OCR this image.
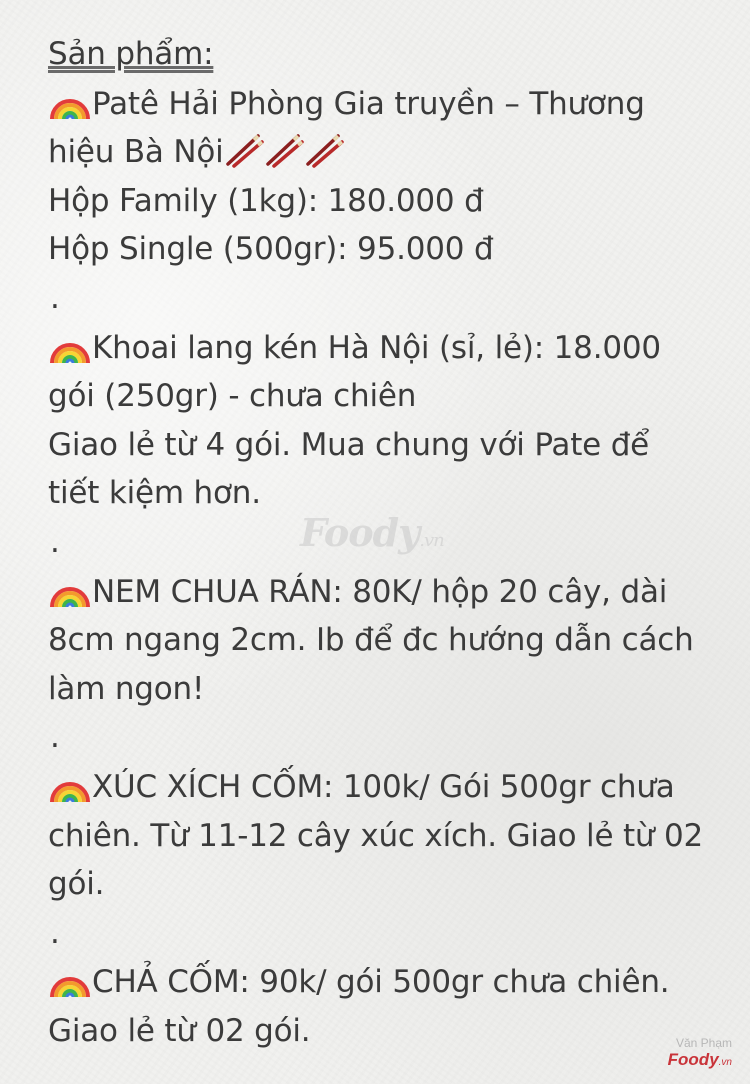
Sản phẩm:
Patê Hải Phòng Gia truyền – Thương
hiệu Bà Nội
Hộp Family (1kg): 180.000 đ
Hộp Single (500gr): 95.000 đ
.
Khoai lang kén Hà Nội (sỉ, lẻ): 18.000
gói (250gr) - chưa chiên
Giao lẻ từ 4 gói. Mua chung với Pate để
tiết kiệm hơn.
.
NEM CHUA RÁN: 80K/ hộp 20 cây, dài
8cm ngang 2cm. Ib để đc hướng dẫn cách
làm ngon!
.
XÚC XÍCH CỐM: 100k/ Gói 500gr chưa
chiên. Từ 11-12 cây xúc xích. Giao lẻ từ 02
gói.
.
CHẢ CỐM: 90k/ gói 500gr chưa chiên.
Giao lẻ từ 02 gói.
Foody.vn
Văn Phạm
Foody.vn
